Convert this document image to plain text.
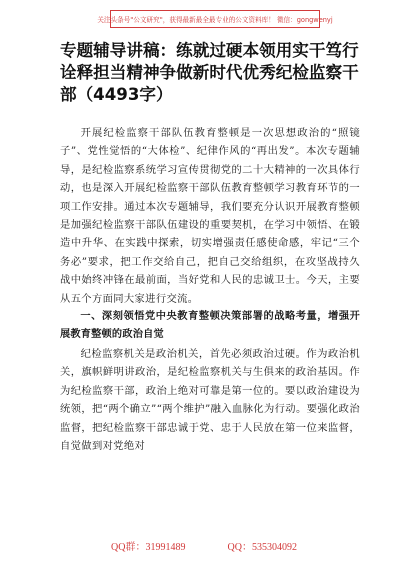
关注头条号"公文研究"，获得最新最全最专业的公文资料库！ 微信：gongwenyj
专题辅导讲稿：练就过硬本领用实干笃行诠释担当精神争做新时代优秀纪检监察干部（4493字）

开展纪检监察干部队伍教育整顿是一次思想政治的“照镜子”、党性觉悟的“大体检”、纪律作风的“再出发”。本次专题辅导，是纪检监察系统学习宣传贯彻党的二十大精神的一次具体行动，也是深入开展纪检监察干部队伍教育整顿学习教育环节的一项工作安排。通过本次专题辅导，我们要充分认识开展教育整顿是加强纪检监察干部队伍建设的重要契机，在学习中领悟、在锻造中升华、在实践中探索，切实增强责任感使命感，牢记“三个务必”要求，把工作交给自己，把自己交给组织，在攻坚战持久战中始终冲锋在最前面，当好党和人民的忠诚卫士。今天，主要从五个方面同大家进行交流。

一、深刻领悟党中央教育整顿决策部署的战略考量，增强开展教育整顿的政治自觉

纪检监察机关是政治机关，首先必须政治过硬。作为政治机关，旗帜鲜明讲政治，是纪检监察机关与生俱来的政治基因。作为纪检监察干部，政治上绝对可靠是第一位的。要以政治建设为统领，把“两个确立”“两个维护”融入血脉化为行动。要强化政治监督，把纪检监察干部忠诚于党、忠于人民放在第一位来监督，自觉做到对党绝对

QQ群：31991489	QQ：535304092
